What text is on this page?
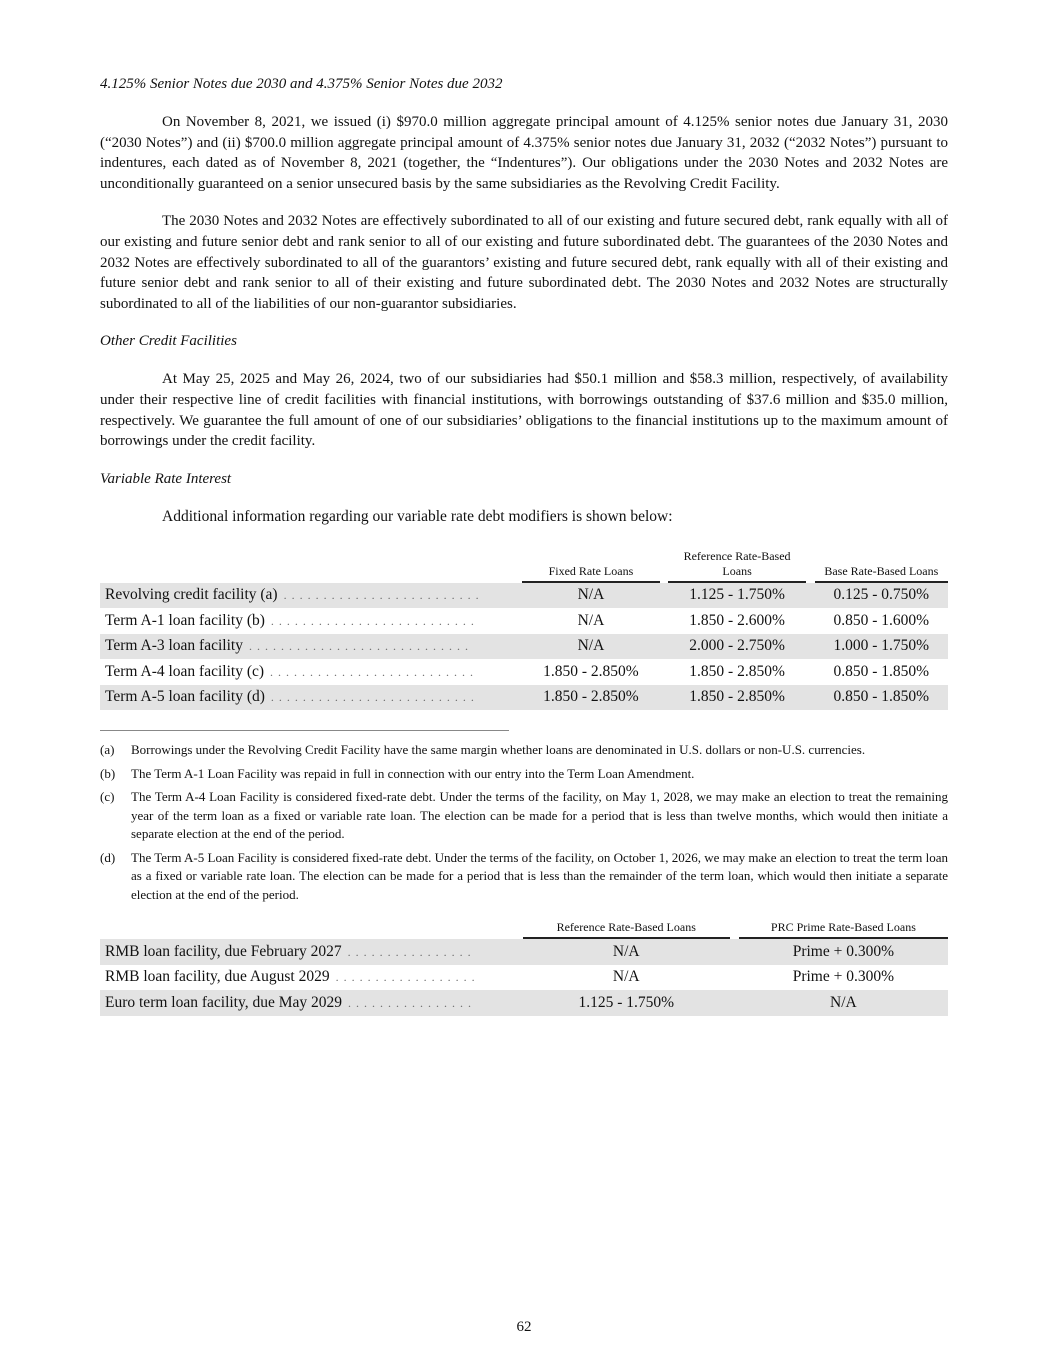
4.125% Senior Notes due 2030 and 4.375% Senior Notes due 2032

On November 8, 2021, we issued (i) $970.0 million aggregate principal amount of 4.125% senior notes due January 31, 2030 (“2030 Notes”) and (ii) $700.0 million aggregate principal amount of 4.375% senior notes due January 31, 2032 (“2032 Notes”) pursuant to indentures, each dated as of November 8, 2021 (together, the “Indentures”). Our obligations under the 2030 Notes and 2032 Notes are unconditionally guaranteed on a senior unsecured basis by the same subsidiaries as the Revolving Credit Facility.

The 2030 Notes and 2032 Notes are effectively subordinated to all of our existing and future secured debt, rank equally with all of our existing and future senior debt and rank senior to all of our existing and future subordinated debt. The guarantees of the 2030 Notes and 2032 Notes are effectively subordinated to all of the guarantors’ existing and future secured debt, rank equally with all of their existing and future senior debt and rank senior to all of their existing and future subordinated debt. The 2030 Notes and 2032 Notes are structurally subordinated to all of the liabilities of our non-guarantor subsidiaries.

Other Credit Facilities

At May 25, 2025 and May 26, 2024, two of our subsidiaries had $50.1 million and $58.3 million, respectively, of availability under their respective line of credit facilities with financial institutions, with borrowings outstanding of $37.6 million and $35.0 million, respectively. We guarantee the full amount of one of our subsidiaries’ obligations to the financial institutions up to the maximum amount of borrowings under the credit facility.

Variable Rate Interest

Additional information regarding our variable rate debt modifiers is shown below:

		Fixed Rate Loans		Reference Rate-Based Loans		Base Rate-Based Loans
Revolving credit facility (a) . . . . . . . . . . . . . . . . . . . . . . . . .		N/A		1.125 - 1.750%		0.125 - 0.750%
Term A-1 loan facility (b) . . . . . . . . . . . . . . . . . . . . . . . . . .		N/A		1.850 - 2.600%		0.850 - 1.600%
Term A-3 loan facility . . . . . . . . . . . . . . . . . . . . . . . . . . . .		N/A		2.000 - 2.750%		1.000 - 1.750%
Term A-4 loan facility (c) . . . . . . . . . . . . . . . . . . . . . . . . . .		1.850 - 2.850%		1.850 - 2.850%		0.850 - 1.850%
Term A-5 loan facility (d) . . . . . . . . . . . . . . . . . . . . . . . . . .		1.850 - 2.850%		1.850 - 2.850%		0.850 - 1.850%
(a)	Borrowings under the Revolving Credit Facility have the same margin whether loans are denominated in U.S. dollars or non-U.S. currencies.
(b)	The Term A-1 Loan Facility was repaid in full in connection with our entry into the Term Loan Amendment.
(c)	The Term A-4 Loan Facility is considered fixed-rate debt. Under the terms of the facility, on May 1, 2028, we may make an election to treat the remaining year of the term loan as a fixed or variable rate loan. The election can be made for a period that is less than twelve months, which would then initiate a separate election at the end of the period.
(d)	The Term A-5 Loan Facility is considered fixed-rate debt. Under the terms of the facility, on October 1, 2026, we may make an election to treat the term loan as a fixed or variable rate loan. The election can be made for a period that is less than the remainder of the term loan, which would then initiate a separate election at the end of the period.
		Reference Rate-Based Loans		PRC Prime Rate-Based Loans
RMB loan facility, due February 2027 . . . . . . . . . . . . . . . .		N/A		Prime + 0.300%
RMB loan facility, due August 2029 . . . . . . . . . . . . . . . . . .		N/A		Prime + 0.300%
Euro term loan facility, due May 2029 . . . . . . . . . . . . . . . .		1.125 - 1.750%		N/A
62
